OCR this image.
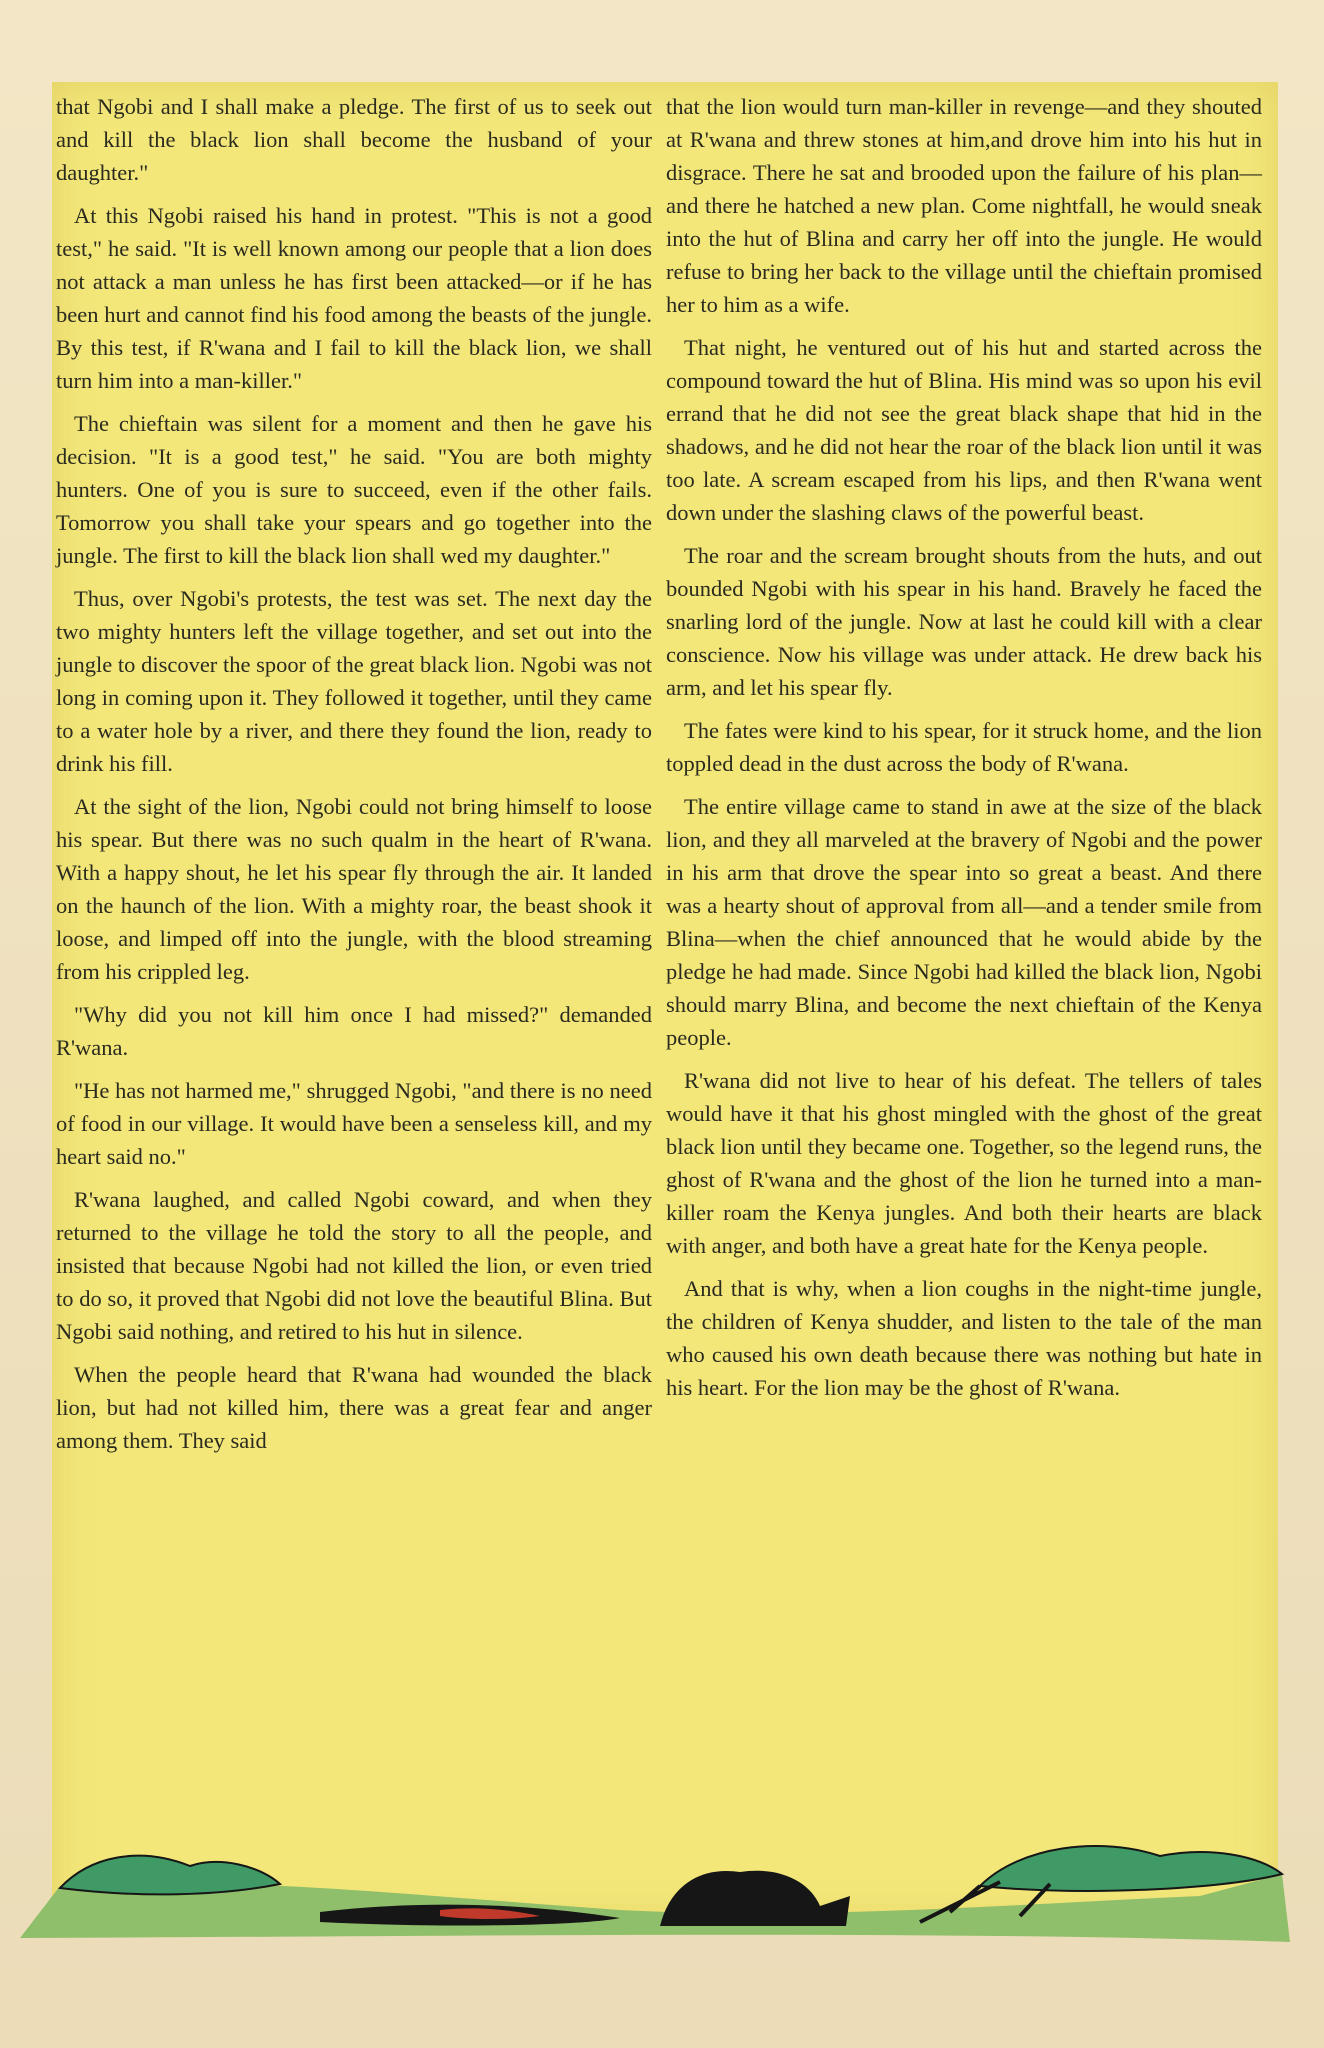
that Ngobi and I shall make a pledge. The first of us to seek out and kill the black lion shall become the husband of your daughter."

At this Ngobi raised his hand in protest. "This is not a good test," he said. "It is well known among our people that a lion does not attack a man unless he has first been attacked—or if he has been hurt and cannot find his food among the beasts of the jungle. By this test, if R'wana and I fail to kill the black lion, we shall turn him into a man-killer."

The chieftain was silent for a moment and then he gave his decision. "It is a good test," he said. "You are both mighty hunters. One of you is sure to succeed, even if the other fails. Tomorrow you shall take your spears and go together into the jungle. The first to kill the black lion shall wed my daughter."

Thus, over Ngobi's protests, the test was set. The next day the two mighty hunters left the village together, and set out into the jungle to discover the spoor of the great black lion. Ngobi was not long in coming upon it. They followed it together, until they came to a water hole by a river, and there they found the lion, ready to drink his fill.

At the sight of the lion, Ngobi could not bring himself to loose his spear. But there was no such qualm in the heart of R'wana. With a happy shout, he let his spear fly through the air. It landed on the haunch of the lion. With a mighty roar, the beast shook it loose, and limped off into the jungle, with the blood streaming from his crippled leg.

"Why did you not kill him once I had missed?" demanded R'wana.

"He has not harmed me," shrugged Ngobi, "and there is no need of food in our village. It would have been a senseless kill, and my heart said no."

R'wana laughed, and called Ngobi coward, and when they returned to the village he told the story to all the people, and insisted that because Ngobi had not killed the lion, or even tried to do so, it proved that Ngobi did not love the beautiful Blina. But Ngobi said nothing, and retired to his hut in silence.

When the people heard that R'wana had wounded the black lion, but had not killed him, there was a great fear and anger among them. They said

that the lion would turn man-killer in revenge—and they shouted at R'wana and threw stones at him,and drove him into his hut in disgrace. There he sat and brooded upon the failure of his plan—and there he hatched a new plan. Come nightfall, he would sneak into the hut of Blina and carry her off into the jungle. He would refuse to bring her back to the village until the chieftain promised her to him as a wife.

That night, he ventured out of his hut and started across the compound toward the hut of Blina. His mind was so upon his evil errand that he did not see the great black shape that hid in the shadows, and he did not hear the roar of the black lion until it was too late. A scream escaped from his lips, and then R'wana went down under the slashing claws of the powerful beast.

The roar and the scream brought shouts from the huts, and out bounded Ngobi with his spear in his hand. Bravely he faced the snarling lord of the jungle. Now at last he could kill with a clear conscience. Now his village was under attack. He drew back his arm, and let his spear fly.

The fates were kind to his spear, for it struck home, and the lion toppled dead in the dust across the body of R'wana.

The entire village came to stand in awe at the size of the black lion, and they all marveled at the bravery of Ngobi and the power in his arm that drove the spear into so great a beast. And there was a hearty shout of approval from all—and a tender smile from Blina—when the chief announced that he would abide by the pledge he had made. Since Ngobi had killed the black lion, Ngobi should marry Blina, and become the next chieftain of the Kenya people.

R'wana did not live to hear of his defeat. The tellers of tales would have it that his ghost mingled with the ghost of the great black lion until they became one. Together, so the legend runs, the ghost of R'wana and the ghost of the lion he turned into a man-killer roam the Kenya jungles. And both their hearts are black with anger, and both have a great hate for the Kenya people.

And that is why, when a lion coughs in the night-time jungle, the children of Kenya shudder, and listen to the tale of the man who caused his own death because there was nothing but hate in his heart. For the lion may be the ghost of R'wana.
